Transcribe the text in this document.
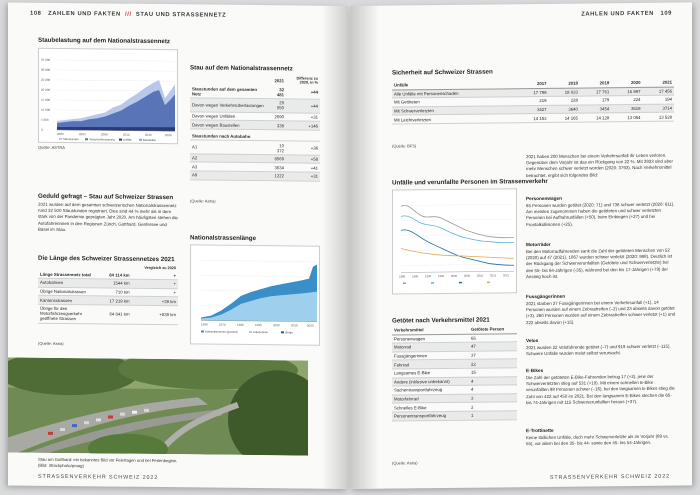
108 ZAHLEN UND FAKTEN /// STAU UND STRASSENNETZ
Staubelastung auf dem Nationalstrassennetz
35 000
30 000
25 000
20 000
15 000
10 000
5 000
0
2000	2004	2008	2012	2016	2020
Staustunden	Verkehrsüberlastung	Unfälle	Baustellen
Quelle: ASTRA
Geduld gefragt – Stau auf Schweizer Strassen
2021 wurden auf dem gesamten schweizerischen Nationalstrassennetz rund 32 500 Staustunden registriert. Dies sind 44 % mehr als in dem stark von der Pandemie geprägten Jahr 2020. Am häufigsten stehen die Autofahrerinnen in den Regionen Zürich, Gotthard, Genfersee und Basel im Stau.
Die Länge des Schweizer Strassennetzes 2021
		Vergleich zu 2020
Länge Strassennetz total	84 114 km	+
Autobahnen	1544 km	+
Übrige Nationalstrassen	710 km	+
Kantonsstrassen	17 219 km	+39 km
Übrige für den Motorfahrzeugverkehr geöffnete Strassen	64 641 km	+839 km
(Quelle: Astra)
Stau auf dem Nationalstrassennetz
	2021	Differenz zu 2020, in %
Staustunden auf dem gesamten Netz	32 481	+44
Davon wegen Verkehrsüberlastungen	29 050	+44
Davon wegen Unfällen	2690	+31
Davon wegen Baustellen	338	+146
Staustunden nach Autobahn		
A1	10 372	+36
A2	8569	+58
A3	3634	+41
A9	1222	+31
(Quelle: Astra)
Nationalstrassenlänge
1960	1970	1980	1990	2000	2010	2020
Nationalstrassen (gesamt)	Autobahnen	übrige
Stau am Gotthard: ein bekanntes Bild vor Feiertagen und bei Ferienbeginn. (Bild: iStockphoto/proag)
STRASSENVERKEHR SCHWEIZ 2022
ZAHLEN UND FAKTEN 109
Sicherheit auf Schweizer Strassen
Unfälle	2017	2018	2019	2020	2021
Alle Unfälle mit Personenschaden	17 799	18 033	17 761	16 897	17 456
Mit Getöteten	219	228	179	224	194
Mit Schwerverletzten	3427	3640	3454	3619	3714
Mit Leichtverletzten	14 153	14 165	14 128	13 054	13 528
(Quelle: BFS)
Unfälle und verunfallte Personen im Strassenverkehr
1980 1985 1990 1995 2000 2005 2010 2015 2021
Getötet nach Verkehrsmittel 2021
Verkehrsmittel	Getötete Person
Personenwagen	65
Motorrad	47
Fussgängerinnen	37
Fahrrad	22
Langsames E-Bike	15
Andere (inklusive unbekannt)	4
Sachentransportfahrzeug	4
Motorfahrrad	3
Schnelles E-Bike	2
Personentransportfahrzeug	1
(Quelle: Astra)
2021 haben 200 Menschen bei einem Verkehrsunfall ihr Leben verloren. Gegenüber dem Vorjahr ist das ein Rückgang von 22 %. Mit 3933 sind aber mehr Menschen schwer verletzt worden (2020: 3793). Nach Verkehrsmittel betrachtet, ergibt sich folgendes Bild:
Personenwagen
65 Personen wurden getötet (2020: 71) und 738 schwer verletzt (2020: 611). Am meisten zugenommen haben die getöteten und schwer verletzten Personen bei Aufhahrunfällen (+50), beim Einbiegen (+27) und bei Frontalkollisionen (+25).
Motorräder
Bei den Motorradfahrenden sank die Zahl der getöteten Menschen von 52 (2020) auf 47 (2021). 1067 wurden schwer verletzt (2020: 998). Deutlich ist der Rückgang der Schwerverunfallten (Getötete und Schwerverletzte) bei den 55- bis 64-Jährigen (-35), während bei den bis 17-Jährigen (+79) der Anstieg hoch ist.
Fussgängerinnen
2021 starben 37 Fussgängerinnen bei einem Verkehrsunfall (+1), 14 Personen wurden auf einem Zebrastreifen (–2) und 23 abseits davon getötet (+3). 260 Personen wurden auf einem Zebrastreifen schwer verletzt (+1) und 222 abseits davon (+15).
Velos
2021 wurden 22 Velofahrende getötet (–7) und 919 schwer verletzt (–115). Schwere Unfälle wurden meist selbst verursacht.
E-Bikes
Die Zahl der getöteten E-Bike-Fahrenden betrug 17 (+2), jene der Schwerverletzten stieg auf 531 (+10). Mit einem schnellen E-Bike verunfallten 98 Personen schwer (–16), bei den langsamen E-Bikes stieg die Zahl von 422 auf 450 im 2021. Bei den langsamen E-Bikes stechen die 65- bis 74-Jährigen mit 115 Schwerverunfallten heraus (+37).
E-Trottinette
Keine tödlichen Unfälle, doch mehr Schwerverletzte als im Vorjahr (89 vs. 55), vor allem bei den 35- bis 44- sowie den 45- bis 54-Jährigen.
STRASSENVERKEHR SCHWEIZ 2022
